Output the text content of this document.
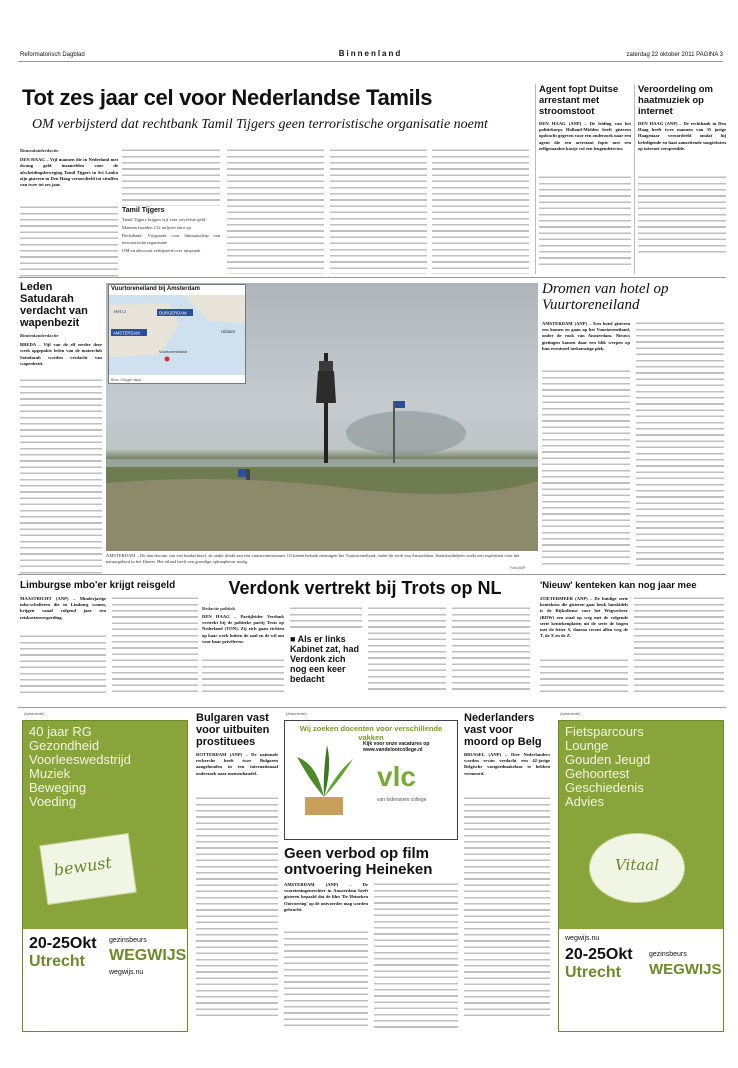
Reformatorisch Dagblad	Binnenland	zaterdag 22 oktober 2011 PAGINA 3
Tot zes jaar cel voor Nederlandse Tamils
OM verbijsterd dat rechtbank Tamil Tijgers geen terroristische organisatie noemt
Binnenlandredactie
DEN HAAG – Vijf mannen die in Nederland met dwang geld inzamelden voor de afscheidingsbeweging Tamil Tijgers in Sri Lanka zijn gisteren in Den Haag veroordeeld tot straffen van twee tot zes jaar.
Tamil Tijgers
Tamil Tijgers krijgen vijf voor zoveelste geld
Mannen haalden 132 miljoen euro op
Rechtbank: Vrijspraak voor lidmaatschap van terroristische organisatie
OM en advocaat verbijsterd over uitspraak
Agent fopt Duitse arrestant met stroomstoot
DEN HAAG (ANP) – De leiding van het politiekorps Holland-Midden heeft gisteren opdracht gegeven voor een onderzoek naar een agent die een arrestant fopte met een zelfgemaakte kastje vol een leugendetector.
Veroordeling om haatmuziek op internet
DEN HAAG (ANP) – De rechtbank in Den Haag heeft twee mannen van 35 jarige Haagenaar veroordeeld omdat hij beledigende en haat aanzettende songteksten op internet verspreidde.
Leden Satudarah verdacht van wapenbezit
Binnenlandredactie
BREDA – Vijf van de elf eerder deze week opgepakte leden van de motorclub Satudarah worden verdacht van wapenbezit.
Vuurtoreneiland bij Amsterdam
Het IJ	DURGERDAM
AMSTERDAM	Uitdam
Vuurtoreneiland
Bron: Google maps
AMSTERDAM – De dan droomt van een bunkerhotel, de ander denkt aan een vuurtorenmuseum. Of kanen bekaak meningen het Vuurtoreneiland, onder de rook van Amsterdam. Staatsbosbeheer zoekt een exploitant voor het natuurgebied in het IJmeer. Het eiland heeft een grondige opknapbeurt nodig.
Foto ANP
Dromen van hotel op Vuurtoreneiland
AMSTERDAM (ANP) – Een hotel gisteren een komen en gaan op het Vuurtoreneiland, onder de rook van Amsterdam. Nieuws gietingen komen daar een blik werpen op hun eventueel toekomstige plek.
Limburgse mbo'er krijgt reisgeld
MAASTRICHT (ANP) – Minderjarige mbo-scholieren die in Limburg wonen, krijgen vanaf volgend jaar een reiskostenvergoeding.
Verdonk vertrekt bij Trots op NL
Redactie politiek
DEN HAAG – Partijleider Verdonk vertrekt bij de politieke partij Trots op Nederland (TON). Zij zich gaan richten op haar werk buiten de zaal en de wil om voor haar privéleven.	■ Als er links Kabinet zat, had Verdonk zich nog een keer bedacht
'Nieuw' kenteken kan nog jaar mee
ZOETERMEER (ANP) – De huidige serie kentekens die gisteren gaat beuk Ianskidels is de Rijksdienst voor het Wegverkeer (RDW) een staal op weg met de volgende serie kentekenplaten uit de serie de bogen met de letter S, daarna recent allen weg de T, de X en de Z.
(Advertentie)
40 jaar RG
Gezondheid
Voorleeswedstrijd
Muziek
Beweging
Voeding
bewust
20-25Okt
Utrecht
gezinsbeurs
WEGWIJS
wegwijs.nu
Bulgaren vast voor uitbuiten prostituees
ROTTERDAM (ANP) – De nationale recherche heeft twee Bulgaren aangehouden in een internationaal onderzoek naar mensenhandel.
(Advertentie)
Wij zoeken docenten voor verschillende vakken
Kijk voor onze vacatures op www.vandelootcollege.nl
vlc
van lodenstein college
Geen verbod op film ontvoering Heineken
AMSTERDAM (ANP) – De voorzieningenrechter in Amsterdam heeft gisteren bepaald dat de film 'De Heineken Ontvoering' op de ontvoerder mag worden gebracht.
Nederlanders vast voor moord op Belg
BRUSSEL (ANP) – Drie Nederlanders worden ervan verdacht een 42-jarige Belgische vastgoedmakelaar te hebben vermoord.
(Advertentie)
Fietsparcours
Lounge
Gouden Jeugd
Gehoortest
Geschiedenis
Advies
Vitaal
wegwijs.nu
20-25Okt
Utrecht
gezinsbeurs
WEGWIJS
